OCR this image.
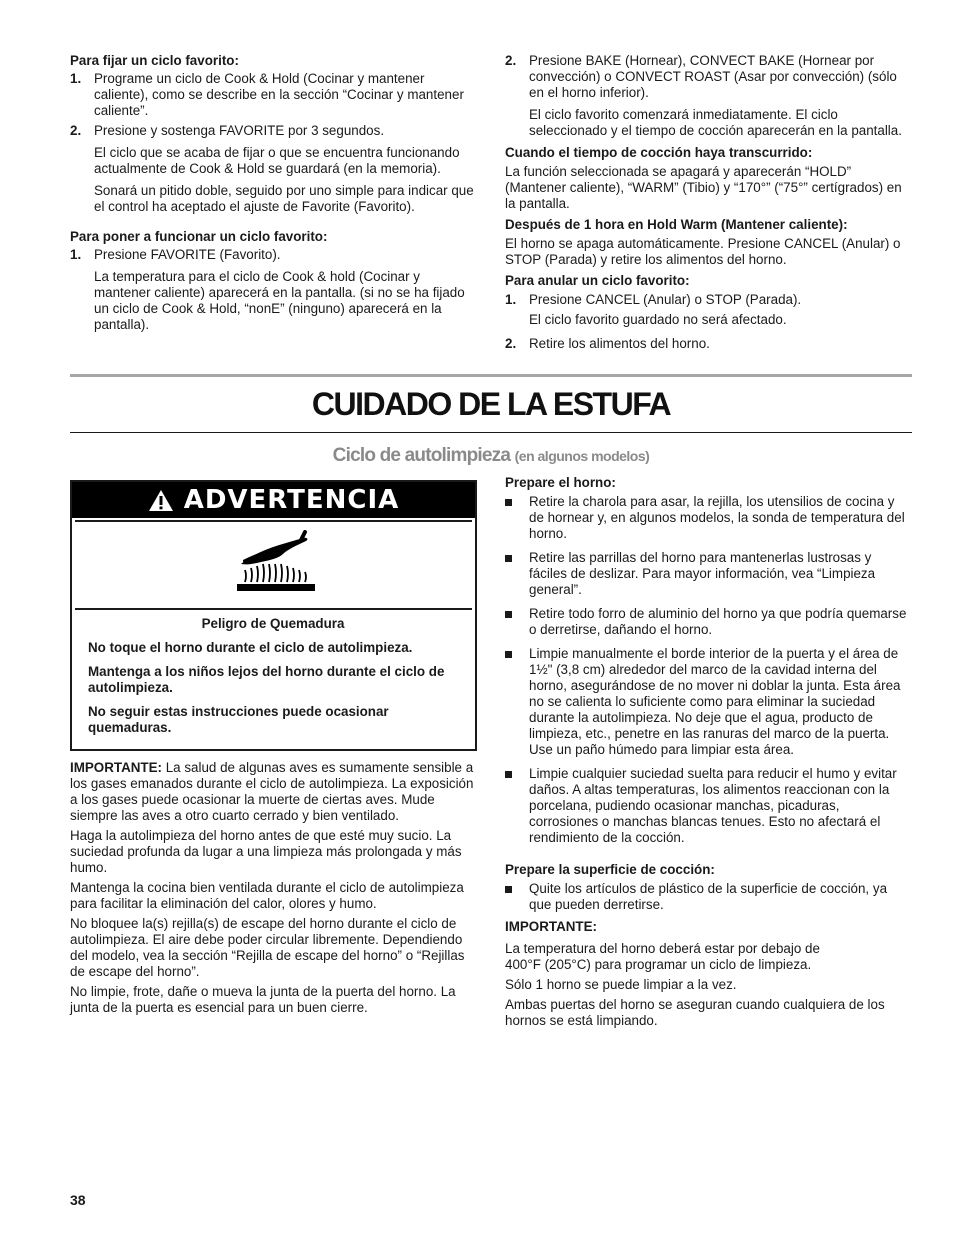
Para fijar un ciclo favorito:

1. Programe un ciclo de Cook & Hold (Cocinar y mantener caliente), como se describe en la sección “Cocinar y mantener caliente”.

2. Presione y sostenga FAVORITE por 3 segundos.

El ciclo que se acaba de fijar o que se encuentra funcionando actualmente de Cook & Hold se guardará (en la memoria).

Sonará un pitido doble, seguido por uno simple para indicar que el control ha aceptado el ajuste de Favorite (Favorito).

Para poner a funcionar un ciclo favorito:

1. Presione FAVORITE (Favorito).

La temperatura para el ciclo de Cook & hold (Cocinar y mantener caliente) aparecerá en la pantalla. (si no se ha fijado un ciclo de Cook & Hold, “nonE” (ninguno) aparecerá en la pantalla).

2. Presione BAKE (Hornear), CONVECT BAKE (Hornear por convección) o CONVECT ROAST (Asar por convección) (sólo en el horno inferior).

El ciclo favorito comenzará inmediatamente. El ciclo seleccionado y el tiempo de cocción aparecerán en la pantalla.

Cuando el tiempo de cocción haya transcurrido:

La función seleccionada se apagará y aparecerán “HOLD” (Mantener caliente), “WARM” (Tibio) y “170°” (“75°” certígrados) en la pantalla.

Después de 1 hora en Hold Warm (Mantener caliente):

El horno se apaga automáticamente. Presione CANCEL (Anular) o STOP (Parada) y retire los alimentos del horno.

Para anular un ciclo favorito:

1. Presione CANCEL (Anular) o STOP (Parada).

El ciclo favorito guardado no será afectado.

2. Retire los alimentos del horno.

CUIDADO DE LA ESTUFA
Ciclo de autolimpieza (en algunos modelos)
ADVERTENCIA

Peligro de Quemadura

No toque el horno durante el ciclo de autolimpieza.

Mantenga a los niños lejos del horno durante el ciclo de autolimpieza.

No seguir estas instrucciones puede ocasionar quemaduras.

IMPORTANTE: La salud de algunas aves es sumamente sensible a los gases emanados durante el ciclo de autolimpieza. La exposición a los gases puede ocasionar la muerte de ciertas aves. Mude siempre las aves a otro cuarto cerrado y bien ventilado.

Haga la autolimpieza del horno antes de que esté muy sucio. La suciedad profunda da lugar a una limpieza más prolongada y más humo.

Mantenga la cocina bien ventilada durante el ciclo de autolimpieza para facilitar la eliminación del calor, olores y humo.

No bloquee la(s) rejilla(s) de escape del horno durante el ciclo de autolimpieza. El aire debe poder circular libremente. Dependiendo del modelo, vea la sección “Rejilla de escape del horno” o “Rejillas de escape del horno”.

No limpie, frote, dañe o mueva la junta de la puerta del horno. La junta de la puerta es esencial para un buen cierre.

Prepare el horno:

Retire la charola para asar, la rejilla, los utensilios de cocina y de hornear y, en algunos modelos, la sonda de temperatura del horno.

Retire las parrillas del horno para mantenerlas lustrosas y fáciles de deslizar. Para mayor información, vea “Limpieza general”.

Retire todo forro de aluminio del horno ya que podría quemarse o derretirse, dañando el horno.

Limpie manualmente el borde interior de la puerta y el área de 1½" (3,8 cm) alrededor del marco de la cavidad interna del horno, asegurándose de no mover ni doblar la junta. Esta área no se calienta lo suficiente como para eliminar la suciedad durante la autolimpieza. No deje que el agua, producto de limpieza, etc., penetre en las ranuras del marco de la puerta. Use un paño húmedo para limpiar esta área.

Limpie cualquier suciedad suelta para reducir el humo y evitar daños. A altas temperaturas, los alimentos reaccionan con la porcelana, pudiendo ocasionar manchas, picaduras, corrosiones o manchas blancas tenues. Esto no afectará el rendimiento de la cocción.

Prepare la superficie de cocción:

Quite los artículos de plástico de la superficie de cocción, ya que pueden derretirse.

IMPORTANTE:

La temperatura del horno deberá estar por debajo de 400°F (205°C) para programar un ciclo de limpieza.

Sólo 1 horno se puede limpiar a la vez.

Ambas puertas del horno se aseguran cuando cualquiera de los hornos se está limpiando.

38
